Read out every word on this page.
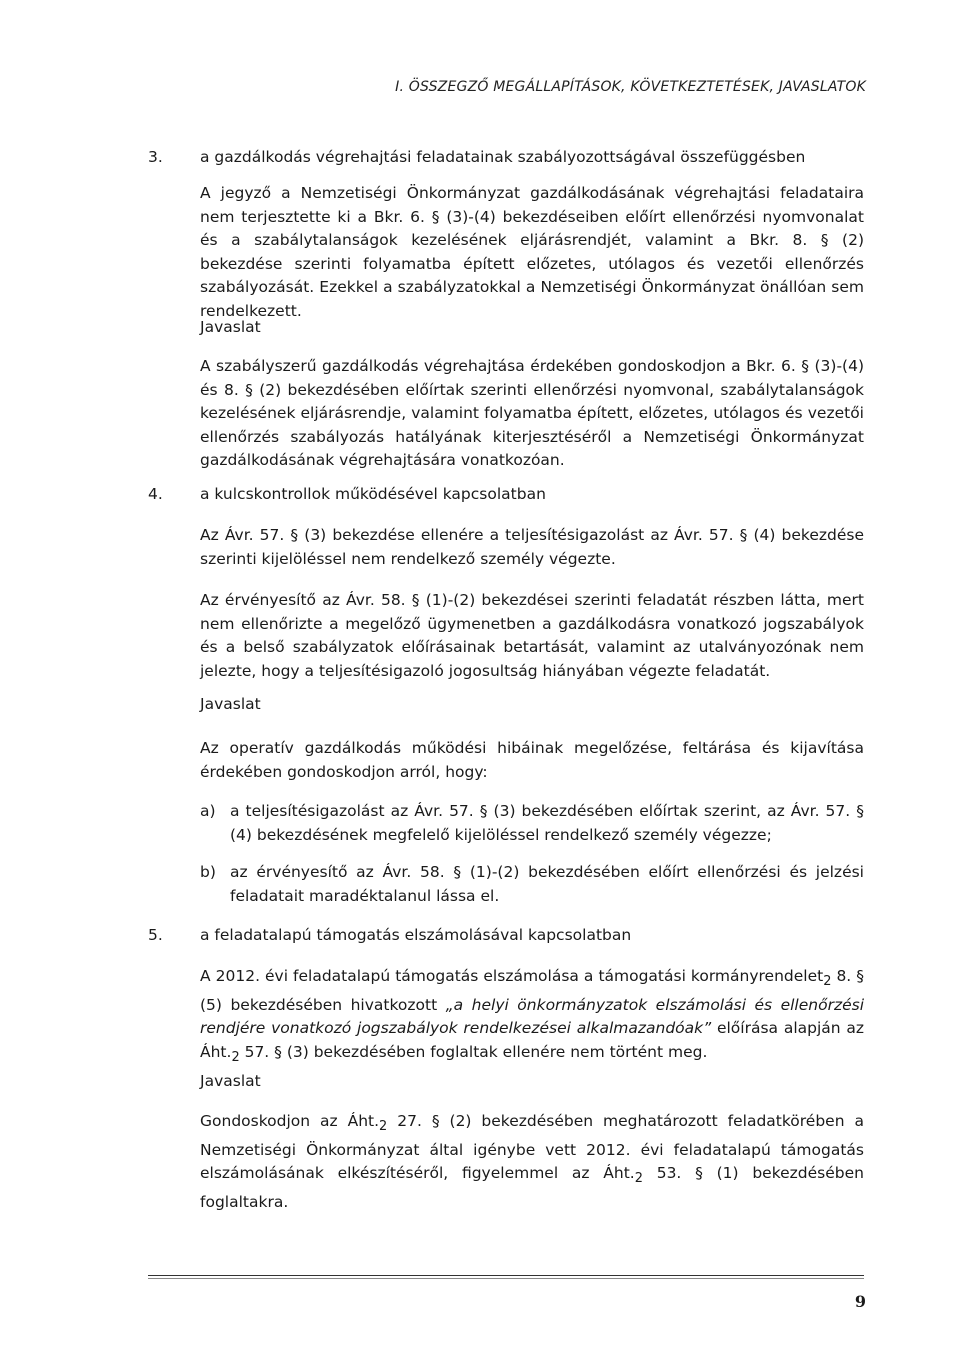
I. ÖSSZEGZŐ MEGÁLLAPÍTÁSOK, KÖVETKEZTETÉSEK, JAVASLATOK
3.	a gazdálkodás végrehajtási feladatainak szabályozottságával összefüggésben
A jegyző a Nemzetiségi Önkormányzat gazdálkodásának végrehajtási feladataira nem terjesztette ki a Bkr. 6. § (3)-(4) bekezdéseiben előírt ellenőrzési nyomvonalat és a szabálytalanságok kezelésének eljárásrendjét, valamint a Bkr. 8. § (2) bekezdése szerinti folyamatba épített előzetes, utólagos és vezetői ellenőrzés szabályozását. Ezekkel a szabályzatokkal a Nemzetiségi Önkormányzat önállóan sem rendelkezett.
Javaslat
A szabályszerű gazdálkodás végrehajtása érdekében gondoskodjon a Bkr. 6. § (3)-(4) és 8. § (2) bekezdésében előírtak szerinti ellenőrzési nyomvonal, szabálytalanságok kezelésének eljárásrendje, valamint folyamatba épített, előzetes, utólagos és vezetői ellenőrzés szabályozás hatályának kiterjesztéséről a Nemzetiségi Önkormányzat gazdálkodásának végrehajtására vonatkozóan.
4.	a kulcskontrollok működésével kapcsolatban
Az Ávr. 57. § (3) bekezdése ellenére a teljesítésigazolást az Ávr. 57. § (4) bekezdése szerinti kijelöléssel nem rendelkező személy végezte.
Az érvényesítő az Ávr. 58. § (1)-(2) bekezdései szerinti feladatát részben látta, mert nem ellenőrizte a megelőző ügymenetben a gazdálkodásra vonatkozó jogszabályok és a belső szabályzatok előírásainak betartását, valamint az utalványozónak nem jelezte, hogy a teljesítésigazoló jogosultság hiányában végezte feladatát.
Javaslat
Az operatív gazdálkodás működési hibáinak megelőzése, feltárása és kijavítása érdekében gondoskodjon arról, hogy:
a) a teljesítésigazolást az Ávr. 57. § (3) bekezdésében előírtak szerint, az Ávr. 57. § (4) bekezdésének megfelelő kijelöléssel rendelkező személy végezze;
b) az érvényesítő az Ávr. 58. § (1)-(2) bekezdésében előírt ellenőrzési és jelzési feladatait maradéktalanul lássa el.
5.	a feladatalapú támogatás elszámolásával kapcsolatban
A 2012. évi feladatalapú támogatás elszámolása a támogatási kormányrendelet$_2$ 8. § (5) bekezdésében hivatkozott „a helyi önkormányzatok elszámolási és ellenőrzési rendjére vonatkozó jogszabályok rendelkezései alkalmazandóak” előírása alapján az $Áht._2$ 57. § (3) bekezdésében foglaltak ellenére nem történt meg.
Javaslat
Gondoskodjon az $Áht._2$ 27. § (2) bekezdésében meghatározott feladatkörében a Nemzetiségi Önkormányzat által igénybe vett 2012. évi feladatalapú támogatás elszámolásának elkészítéséről, figyelemmel az $Áht._2$ 53. § (1) bekezdésében foglaltakra.
9
